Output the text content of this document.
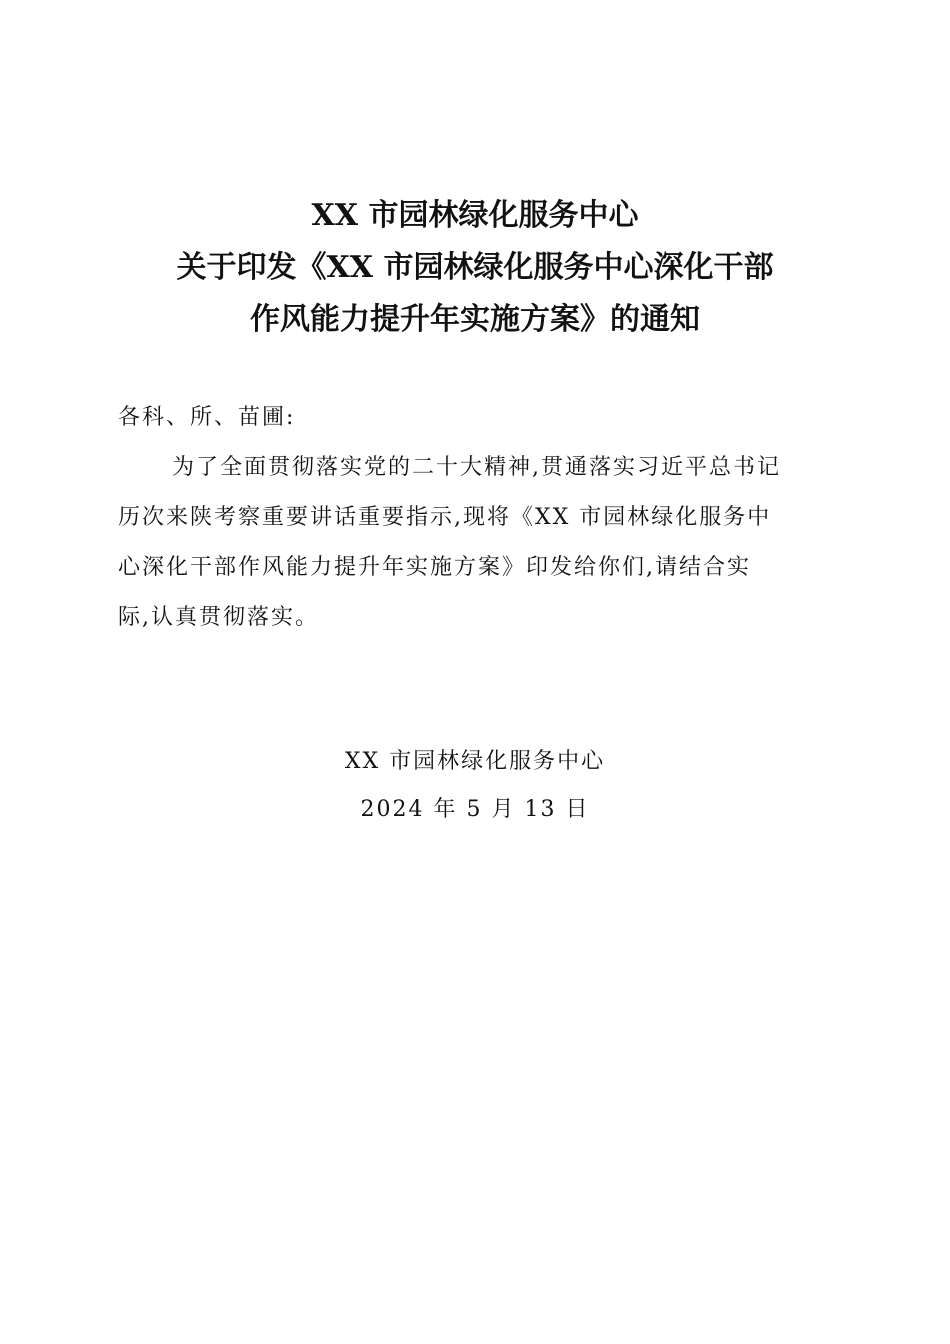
XX 市园林绿化服务中心
关于印发《XX 市园林绿化服务中心深化干部
作风能力提升年实施方案》的通知
各科、所、苗圃:
为了全面贯彻落实党的二十大精神,贯通落实习近平总书记
历次来陕考察重要讲话重要指示,现将《XX 市园林绿化服务中
心深化干部作风能力提升年实施方案》印发给你们,请结合实
际,认真贯彻落实。
XX 市园林绿化服务中心
2024 年 5 月 13 日
